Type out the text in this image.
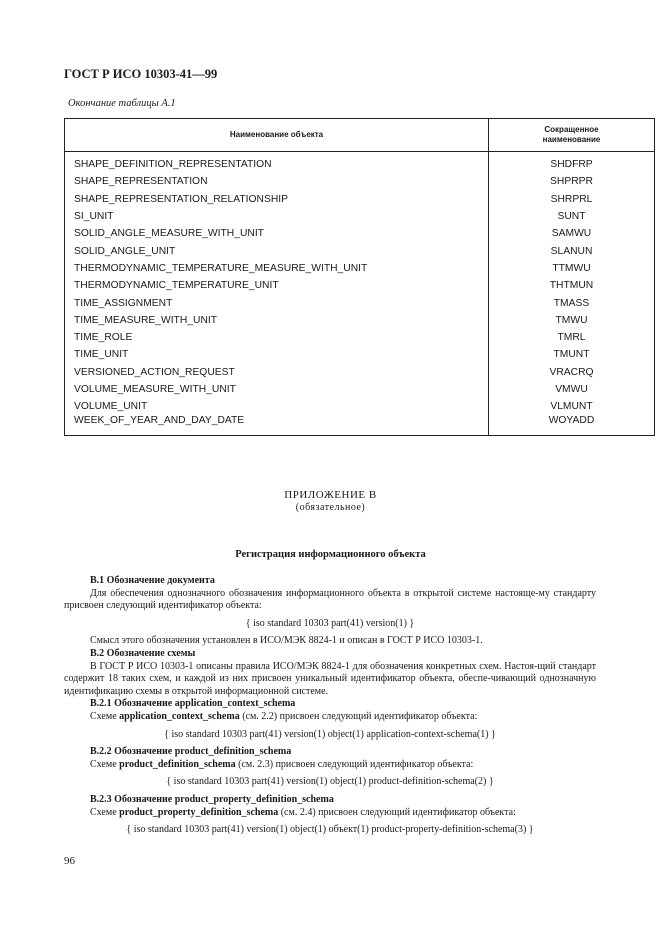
ГОСТ Р ИСО 10303-41—99
Окончание таблицы А.1
Наименование объекта	Сокращенное
наименование

SHAPE_DEFINITION_REPRESENTATION	SHDFRP
SHAPE_REPRESENTATION	SHPRPR
SHAPE_REPRESENTATION_RELATIONSHIP	SHRPRL
SI_UNIT	SUNT
SOLID_ANGLE_MEASURE_WITH_UNIT	SAMWU
SOLID_ANGLE_UNIT	SLANUN
THERMODYNAMIC_TEMPERATURE_MEASURE_WITH_UNIT	TTMWU
THERMODYNAMIC_TEMPERATURE_UNIT	THTMUN
TIME_ASSIGNMENT	TMASS
TIME_MEASURE_WITH_UNIT	TMWU
TIME_ROLE	TMRL
TIME_UNIT	TMUNT
VERSIONED_ACTION_REQUEST	VRACRQ
VOLUME_MEASURE_WITH_UNIT	VMWU
VOLUME_UNIT	VLMUNT
WEEK_OF_YEAR_AND_DAY_DATE	WOYADD
ПРИЛОЖЕНИЕ В
(обязательное)
Регистрация информационного объекта

В.1 Обозначение документа

Для обеспечения однозначного обозначения информационного объекта в открытой системе настояще-му стандарту присвоен следующий идентификатор объекта:

{ iso standard 10303 part(41) version(1) }

Смысл этого обозначения установлен в ИСО/МЭК 8824-1 и описан в ГОСТ Р ИСО 10303-1.

В.2 Обозначение схемы

В ГОСТ Р ИСО 10303-1 описаны правила ИСО/МЭК 8824-1 для обозначения конкретных схем. Настоя-щий стандарт содержит 18 таких схем, и каждой из них присвоен уникальный идентификатор объекта, обеспе-чивающий однозначную идентификацию схемы в открытой информационной системе.

В.2.1 Обозначение application_context_schema

Схеме application_context_schema (см. 2.2) присвоен следующий идентификатор объекта:

{ iso standard 10303 part(41) version(1) object(1) application-context-schema(1) }

В.2.2 Обозначение product_definition_schema

Схеме product_definition_schema (см. 2.3) присвоен следующий идентификатор объекта:

{ iso standard 10303 part(41) version(1) object(1) product-definition-schema(2) }

В.2.3 Обозначение product_property_definition_schema

Схеме product_property_definition_schema (см. 2.4) присвоен следующий идентификатор объекта:

{ iso standard 10303 part(41) version(1) object(1) объект(1) product-property-definition-schema(3) }

96
